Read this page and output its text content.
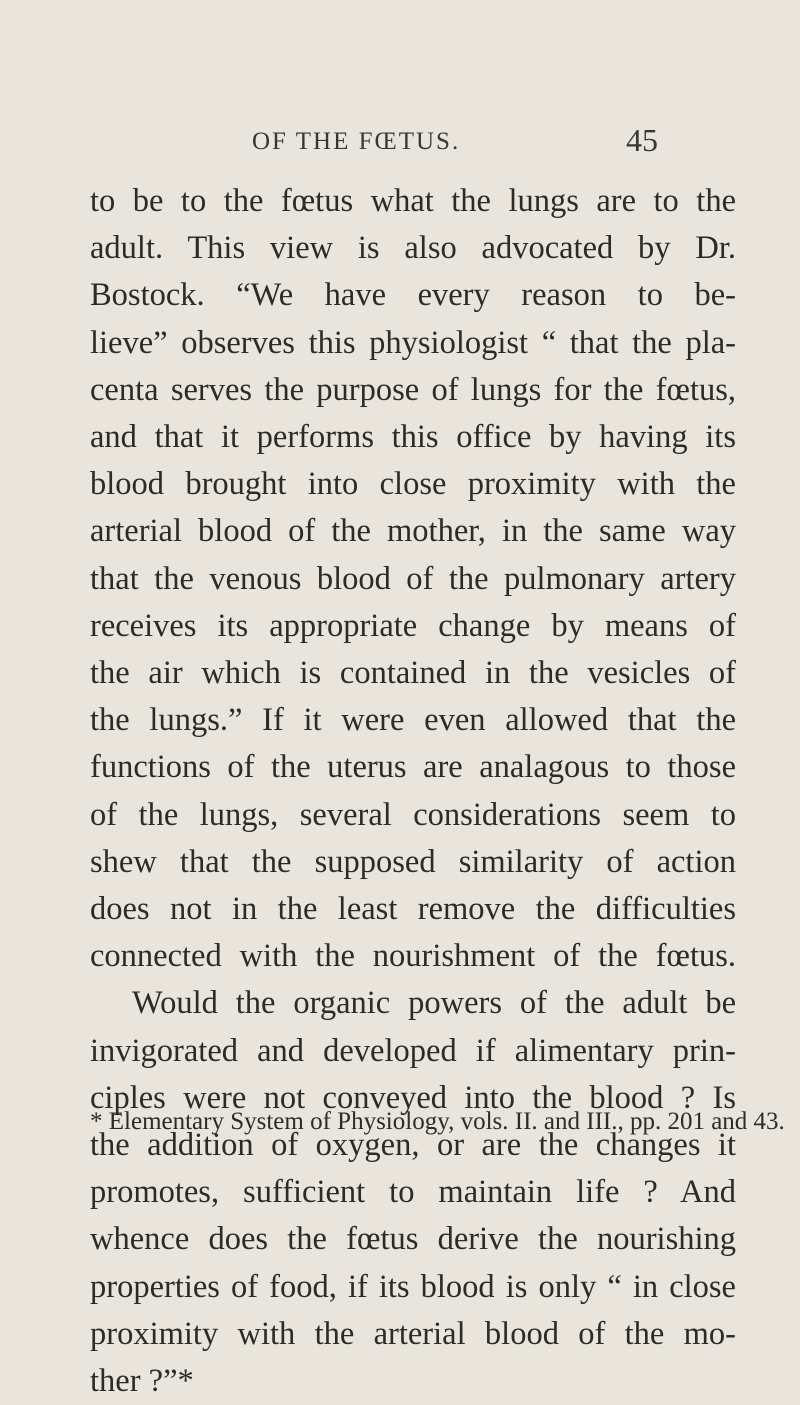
OF THE FŒTUS.	45
to be to the fœtus what the lungs are to the
adult. This view is also advocated by Dr.
Bostock. “We have every reason to be-
lieve” observes this physiologist “ that the pla-
centa serves the purpose of lungs for the fœtus,
and that it performs this office by having its
blood brought into close proximity with the
arterial blood of the mother, in the same way
that the venous blood of the pulmonary artery
receives its appropriate change by means of
the air which is contained in the vesicles of
the lungs.” If it were even allowed that the
functions of the uterus are analagous to those
of the lungs, several considerations seem to
shew that the supposed similarity of action
does not in the least remove the difficulties
connected with the nourishment of the fœtus.
Would the organic powers of the adult be
invigorated and developed if alimentary prin-
ciples were not conveyed into the blood ? Is
the addition of oxygen, or are the changes it
promotes, sufficient to maintain life ? And
whence does the fœtus derive the nourishing
properties of food, if its blood is only “ in close
proximity with the arterial blood of the mo-
ther ?”*
* Elementary System of Physiology, vols. II. and III., pp. 201 and 43.
